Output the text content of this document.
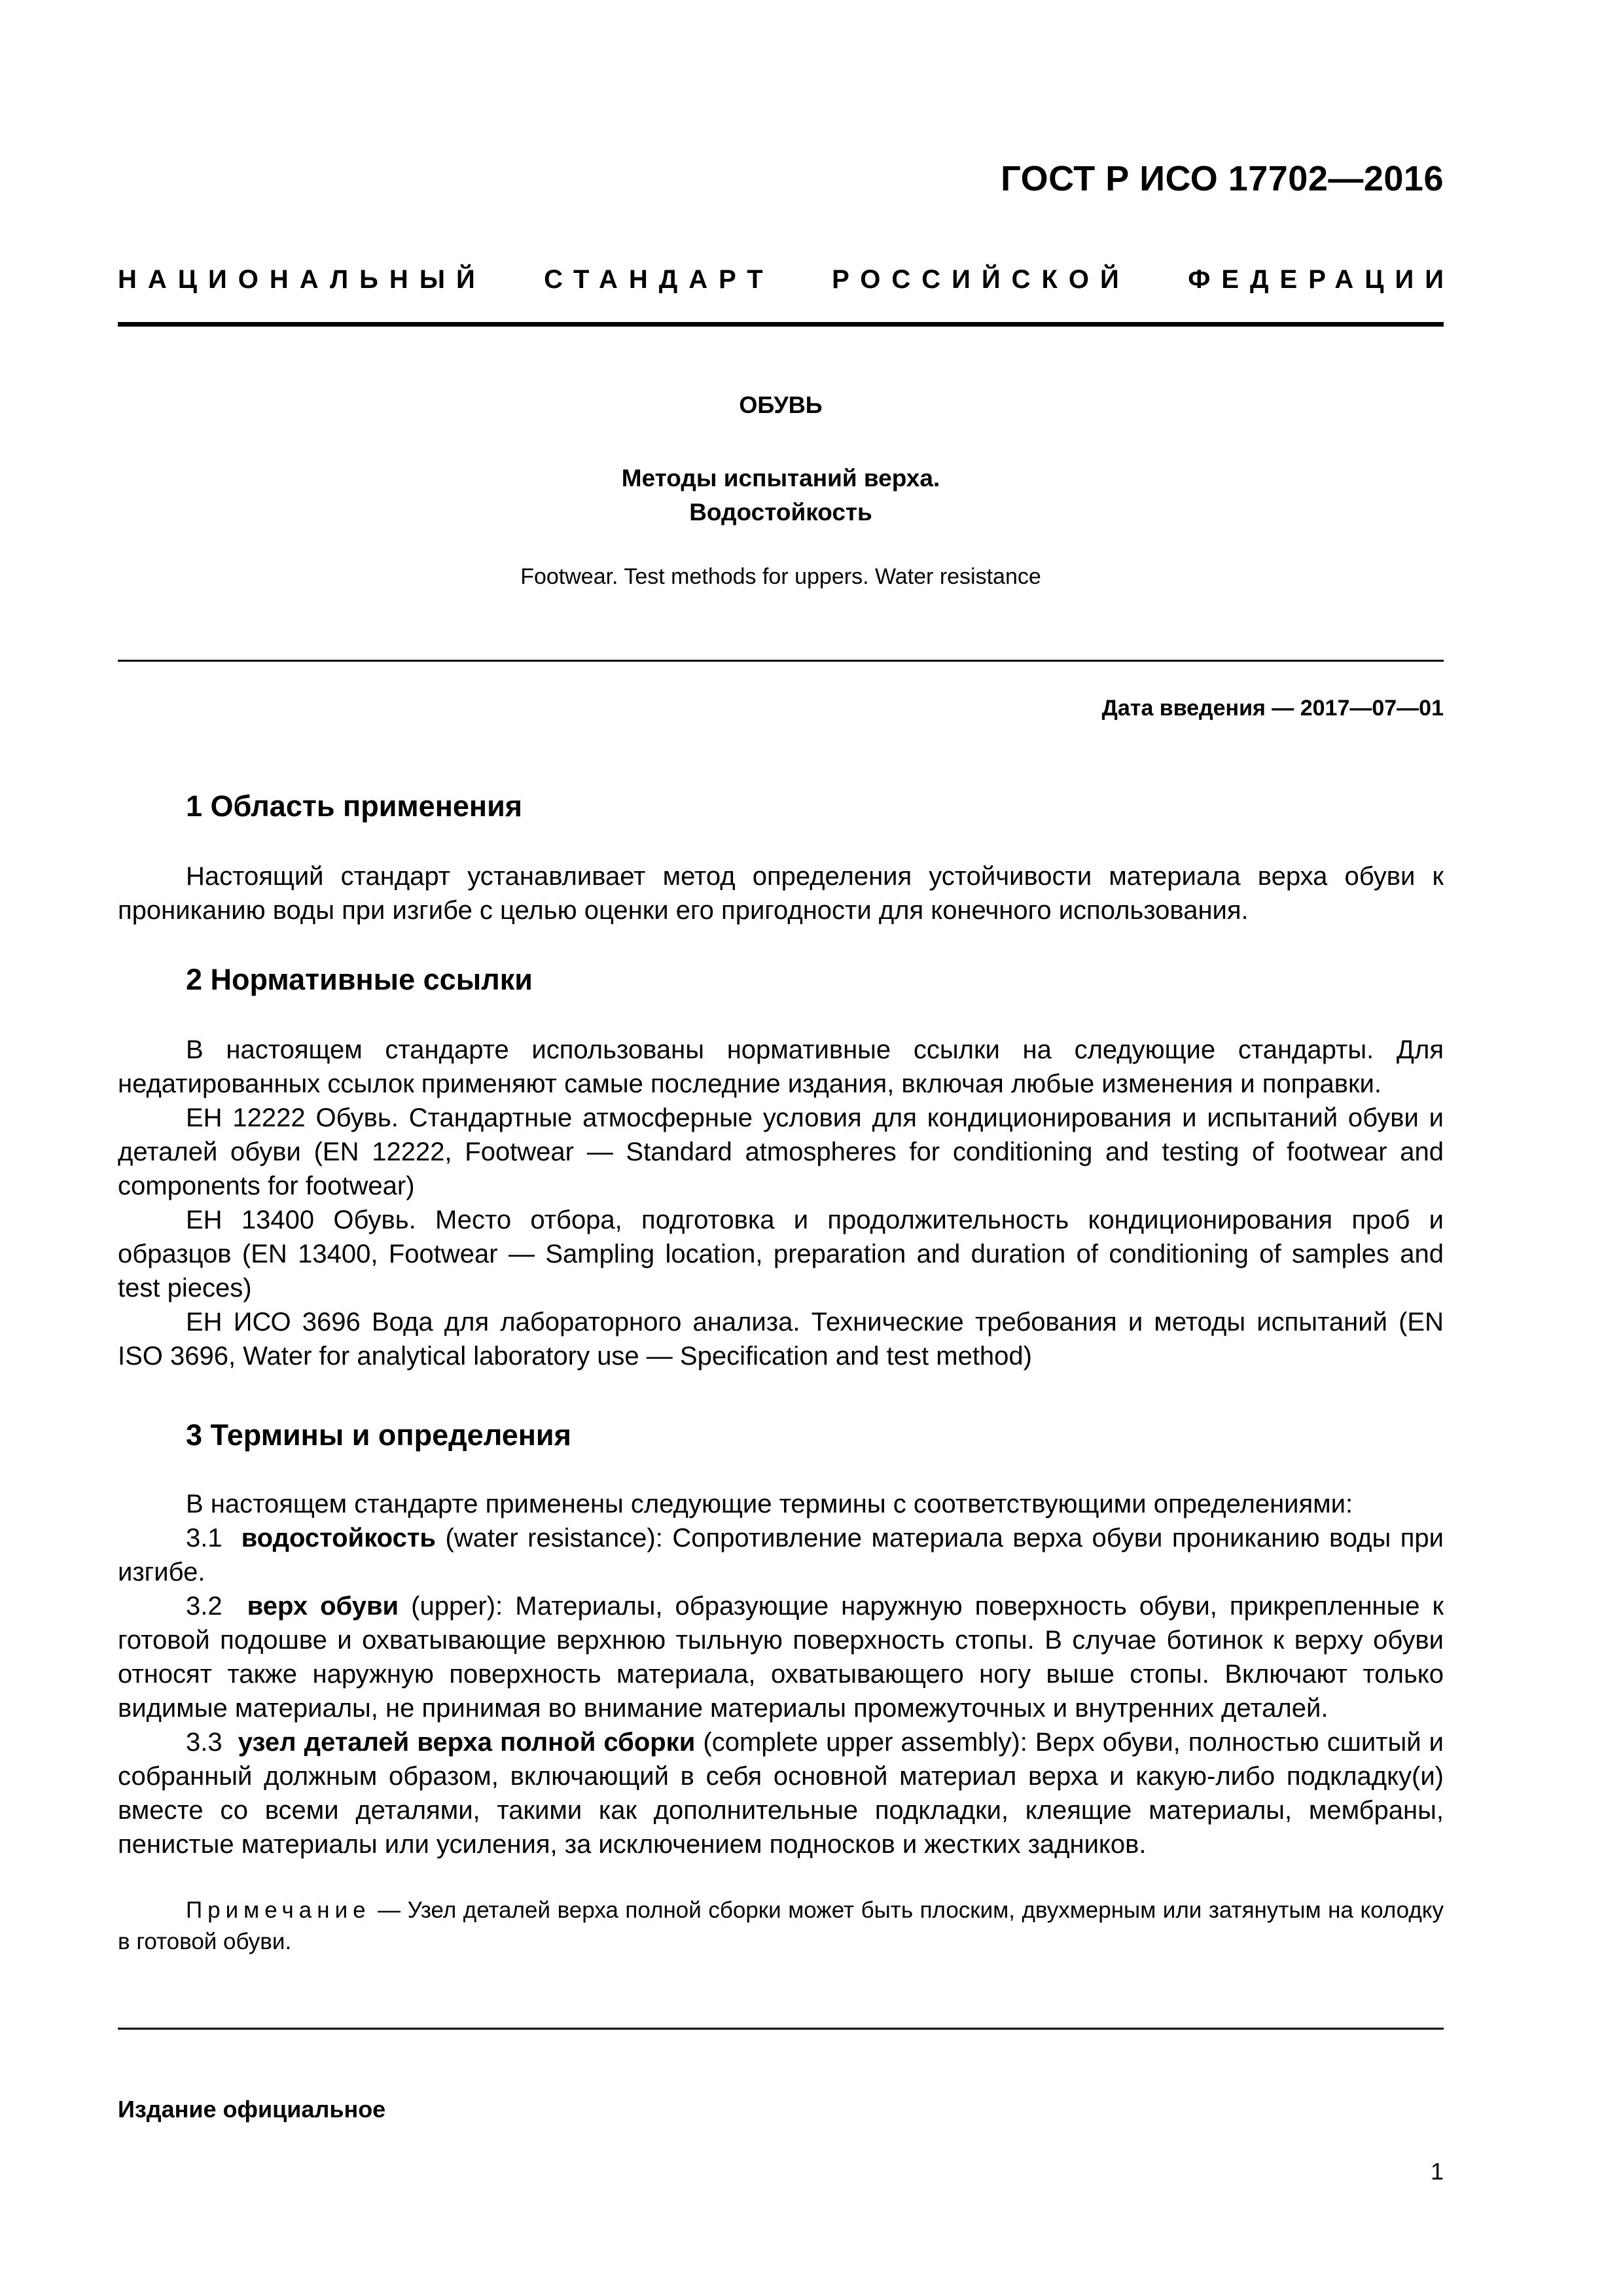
ГОСТ Р ИСО 17702—2016
НАЦИОНАЛЬНЫЙ СТАНДАРТ РОССИЙСКОЙ ФЕДЕРАЦИИ
ОБУВЬ
Методы испытаний верха.
Водостойкость
Footwear. Test methods for uppers. Water resistance
Дата введения — 2017—07—01
1 Область применения

Настоящий стандарт устанавливает метод определения устойчивости материала верха обуви к прониканию воды при изгибе с целью оценки его пригодности для конечного использования.

2 Нормативные ссылки

В настоящем стандарте использованы нормативные ссылки на следующие стандарты. Для недатированных ссылок применяют самые последние издания, включая любые изменения и поправки.

ЕН 12222 Обувь. Стандартные атмосферные условия для кондиционирования и испытаний обуви и деталей обуви (EN 12222, Footwear — Standard atmospheres for conditioning and testing of footwear and components for footwear)

ЕН 13400 Обувь. Место отбора, подготовка и продолжительность кондиционирования проб и образцов (EN 13400, Footwear — Sampling location, preparation and duration of conditioning of samples and test pieces)

ЕН ИСО 3696 Вода для лабораторного анализа. Технические требования и методы испытаний (EN ISO 3696, Water for analytical laboratory use — Specification and test method)

3 Термины и определения

В настоящем стандарте применены следующие термины с соответствующими определениями:

3.1 водостойкость (water resistance): Сопротивление материала верха обуви прониканию воды при изгибе.

3.2 верх обуви (upper): Материалы, образующие наружную поверхность обуви, прикрепленные к готовой подошве и охватывающие верхнюю тыльную поверхность стопы. В случае ботинок к верху обуви относят также наружную поверхность материала, охватывающего ногу выше стопы. Включают только видимые материалы, не принимая во внимание материалы промежуточных и внутренних деталей.

3.3 узел деталей верха полной сборки (complete upper assembly): Верх обуви, полностью сшитый и собранный должным образом, включающий в себя основной материал верха и какую-либо подкладку(и) вместе со всеми деталями, такими как дополнительные подкладки, клеящие материалы, мембраны, пенистые материалы или усиления, за исключением подносков и жестких задников.

Примечание — Узел деталей верха полной сборки может быть плоским, двухмерным или затянутым на колодку в готовой обуви.

Издание официальное
1
